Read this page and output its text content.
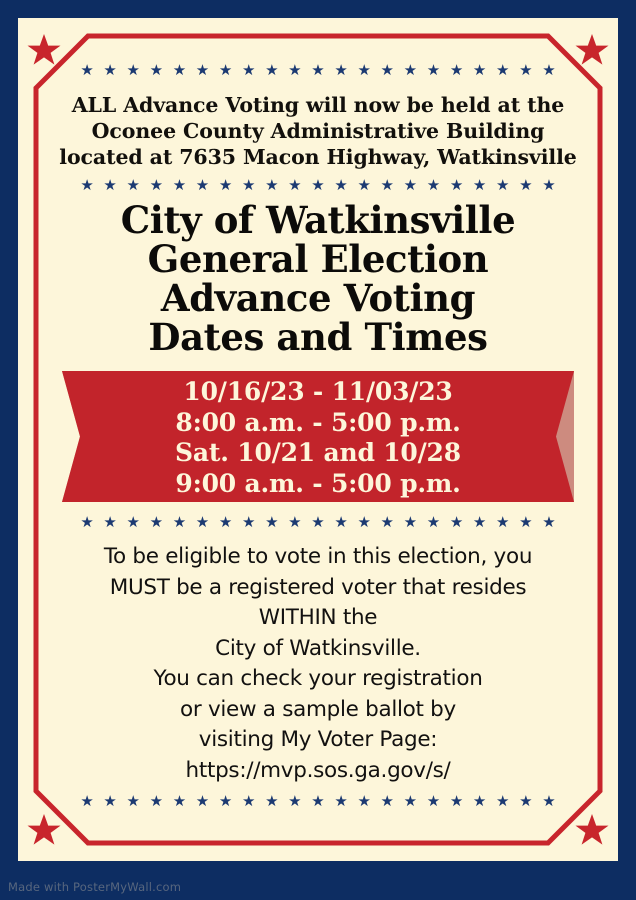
★ ★ ★ ★ ★ ★ ★ ★ ★ ★ ★ ★ ★ ★ ★ ★ ★ ★ ★ ★ ★
ALL Advance Voting will now be held at the
Oconee County Administrative Building
located at 7635 Macon Highway, Watkinsville
★ ★ ★ ★ ★ ★ ★ ★ ★ ★ ★ ★ ★ ★ ★ ★ ★ ★ ★ ★ ★
City of Watkinsville
General Election
Advance Voting
Dates and Times
10/16/23 - 11/03/23
8:00 a.m. - 5:00 p.m.
Sat. 10/21 and 10/28
9:00 a.m. - 5:00 p.m.
★ ★ ★ ★ ★ ★ ★ ★ ★ ★ ★ ★ ★ ★ ★ ★ ★ ★ ★ ★ ★
To be eligible to vote in this election, you
MUST be a registered voter that resides
WITHIN the
City of Watkinsville.
You can check your registration
or view a sample ballot by
visiting My Voter Page:
https://mvp.sos.ga.gov/s/
★ ★ ★ ★ ★ ★ ★ ★ ★ ★ ★ ★ ★ ★ ★ ★ ★ ★ ★ ★ ★
Made with PosterMyWall.com
